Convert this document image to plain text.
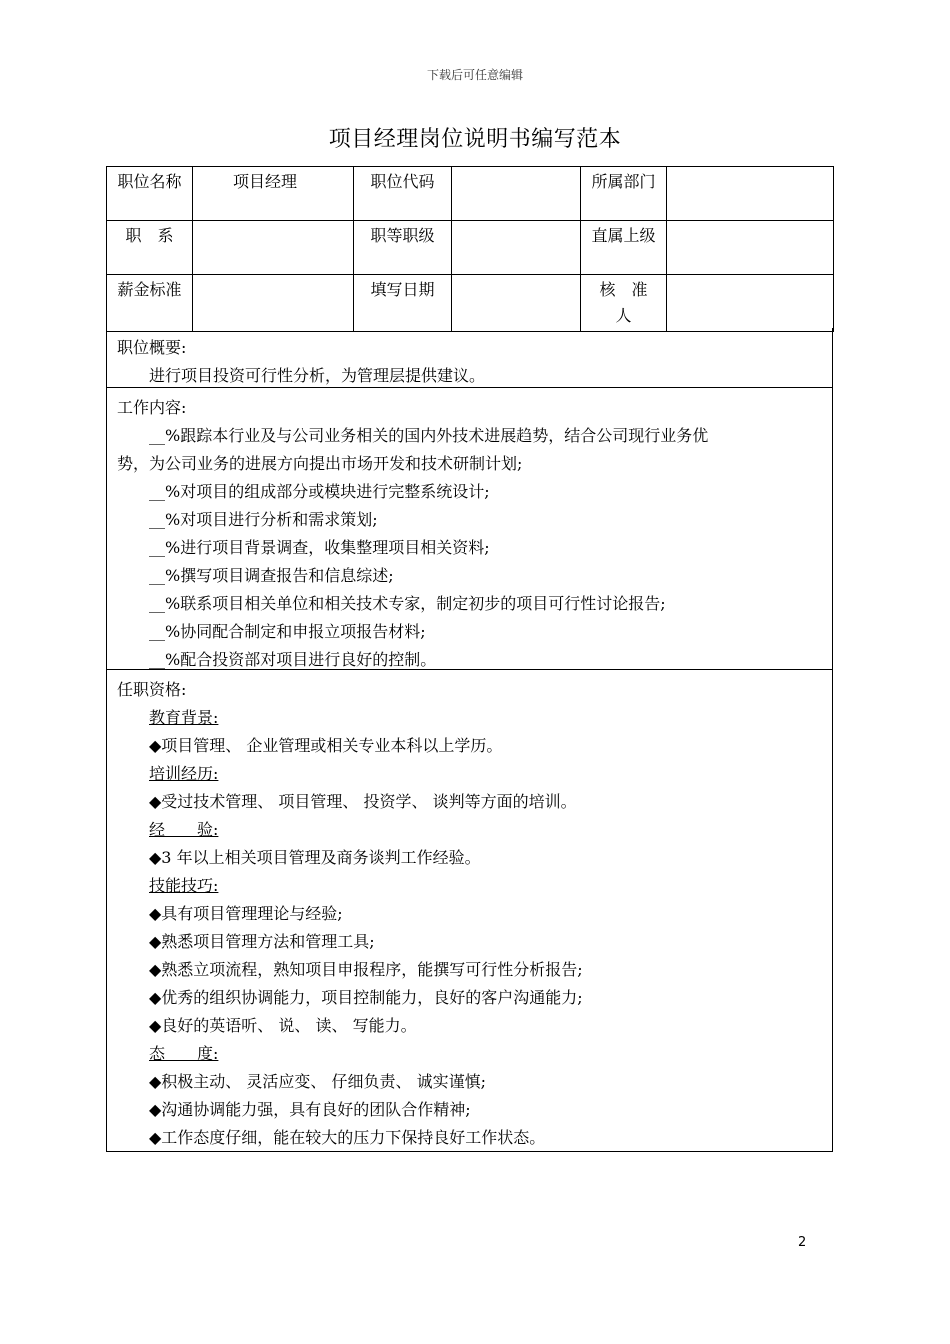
下载后可任意编辑
项目经理岗位说明书编写范本
职位名称	项目经理	职位代码		所属部门	
职　系		职等职级		直属上级	
薪金标准		填写日期		核　准　人	
职位概要:
进行项目投资可行性分析，为管理层提供建议。
工作内容:
__%跟踪本行业及与公司业务相关的国内外技术进展趋势，结合公司现行业务优
势，为公司业务的进展方向提出市场开发和技术研制计划;
__%对项目的组成部分或模块进行完整系统设计;
__%对项目进行分析和需求策划;
__%进行项目背景调查，收集整理项目相关资料;
__%撰写项目调查报告和信息综述;
__%联系项目相关单位和相关技术专家，制定初步的项目可行性讨论报告;
__%协同配合制定和申报立项报告材料;
__%配合投资部对项目进行良好的控制。
任职资格:
教育背景:
◆项目管理、 企业管理或相关专业本科以上学历。
培训经历:
◆受过技术管理、 项目管理、 投资学、 谈判等方面的培训。
经　　验:
◆3 年以上相关项目管理及商务谈判工作经验。
技能技巧:
◆具有项目管理理论与经验;
◆熟悉项目管理方法和管理工具;
◆熟悉立项流程，熟知项目申报程序，能撰写可行性分析报告;
◆优秀的组织协调能力，项目控制能力，良好的客户沟通能力;
◆良好的英语听、 说、 读、 写能力。
态　　度:
◆积极主动、 灵活应变、 仔细负责、 诚实谨慎;
◆沟通协调能力强，具有良好的团队合作精神;
◆工作态度仔细，能在较大的压力下保持良好工作状态。
2
